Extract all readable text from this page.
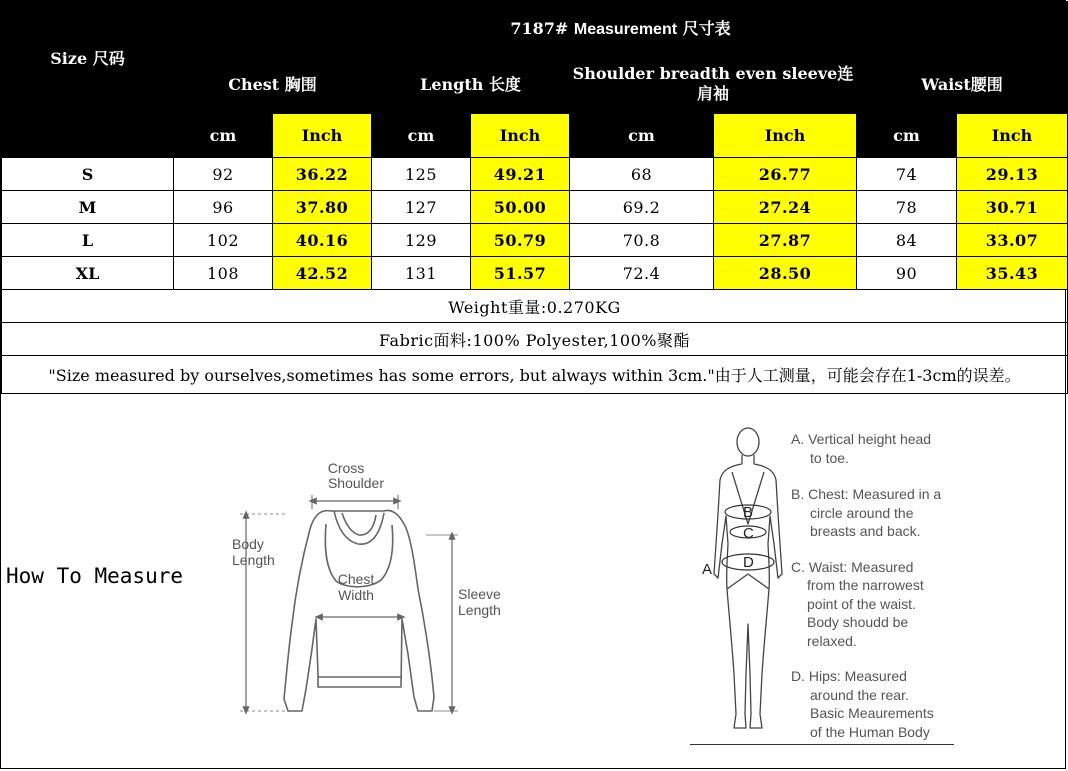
Size 尺码	7187# Measurement 尺寸表							
	Chest 胸围		Length 长度		Shoulder breadth even sleeve连肩袖		Waist腰围	
	cm	Inch	cm	Inch	cm	Inch	cm	Inch
S	92	36.22	125	49.21	68	26.77	74	29.13
M	96	37.80	127	50.00	69.2	27.24	78	30.71
L	102	40.16	129	50.79	70.8	27.87	84	33.07
XL	108	42.52	131	51.57	72.4	28.50	90	35.43
Weight重量:0.270KG								
Fabric面料:100% Polyester,100%聚酯								
"Size measured by ourselves,sometimes has some errors, but always within 3cm."由于人工测量，可能会存在1-3cm的误差。								
How To Measure
Cross
Shoulder
Body
Length
Chest
Width	Sleeve
Length
B
C
D
A
A. Vertical height head
to toe.
B. Chest: Measured in a
circle around the
breasts and back.
C. Waist: Measured
from the narrowest
point of the waist.
Body shoudd be
relaxed.
D. Hips: Measured
around the rear.
Basic Meaurements
of the Human Body
